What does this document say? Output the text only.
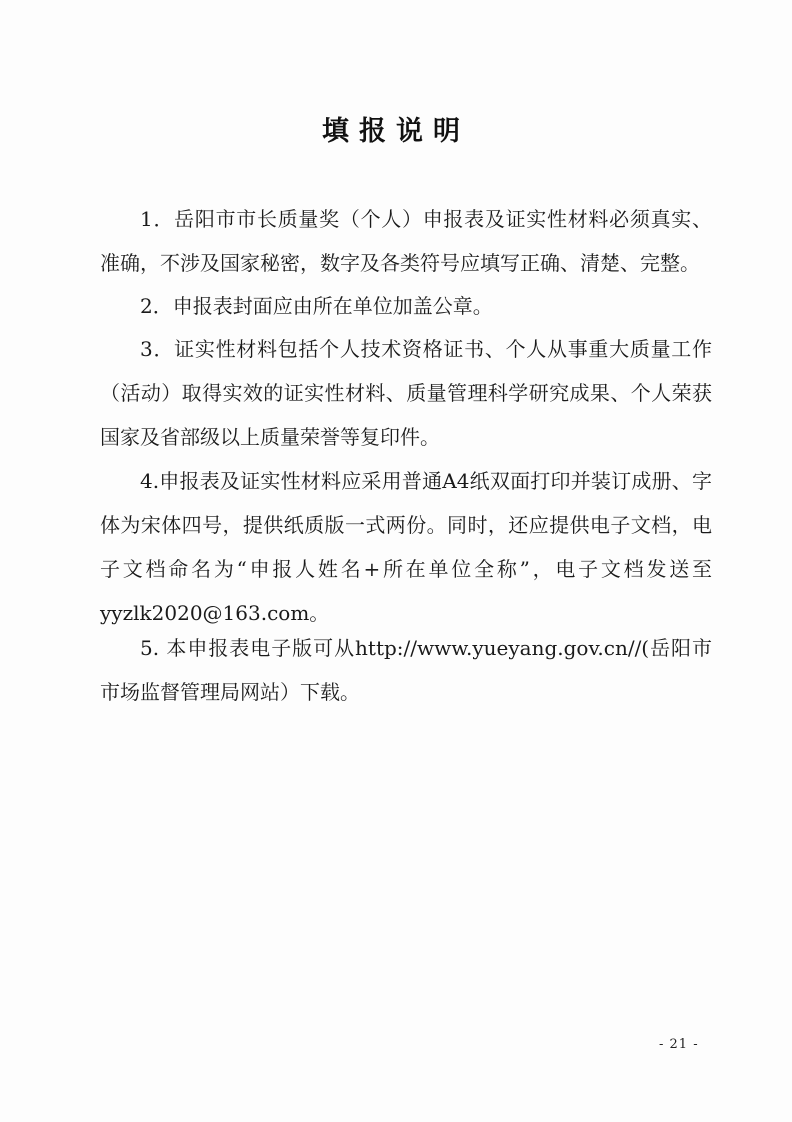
填报说明

1．岳阳市市长质量奖（个人）申报表及证实性材料必须真实、准确，不涉及国家秘密，数字及各类符号应填写正确、清楚、完整。

2．申报表封面应由所在单位加盖公章。

3．证实性材料包括个人技术资格证书、个人从事重大质量工作（活动）取得实效的证实性材料、质量管理科学研究成果、个人荣获国家及省部级以上质量荣誉等复印件。

4.申报表及证实性材料应采用普通A4纸双面打印并装订成册、字体为宋体四号，提供纸质版一式两份。同时，还应提供电子文档，电子文档命名为“申报人姓名+所在单位全称”，电子文档发送至yyzlk2020@163.com。

5. 本申报表电子版可从http://www.yueyang.gov.cn//(岳阳市市场监督管理局网站）下载。

- 21 -
